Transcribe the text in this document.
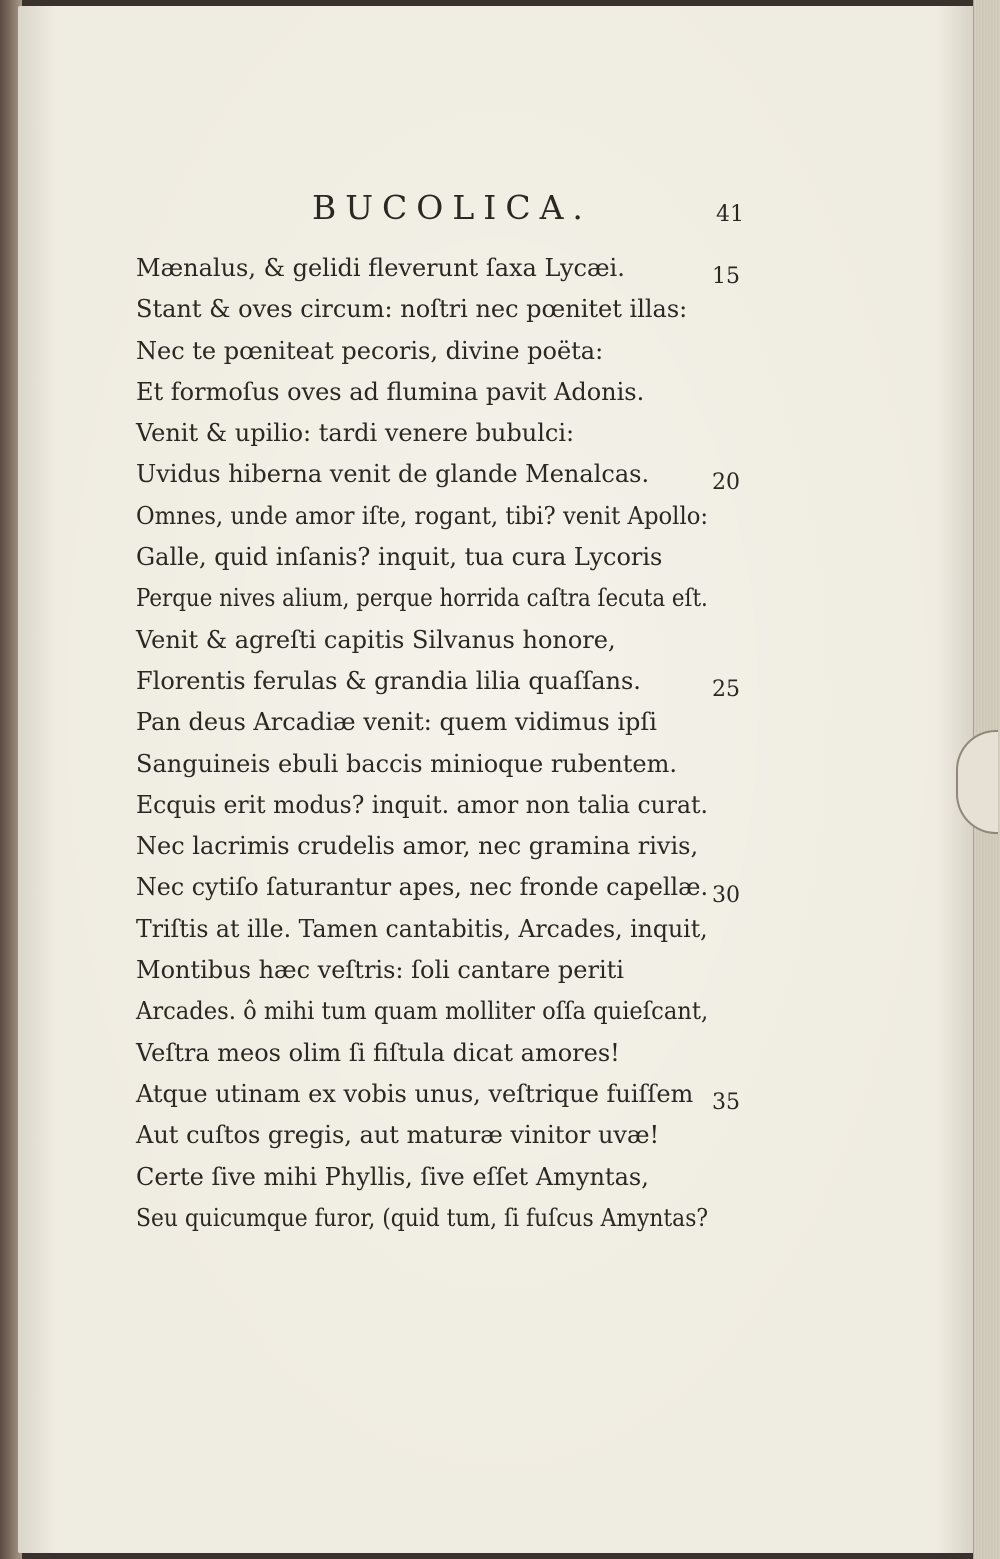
BUCOLICA.	41
Mænalus, & gelidi fleverunt ſaxa Lycæi.	15
Stant & oves circum: noſtri nec pœnitet illas:
Nec te pœniteat pecoris, divine poëta:
Et formoſus oves ad flumina pavit Adonis.
Venit & upilio: tardi venere bubulci:
Uvidus hiberna venit de glande Menalcas.	20
Omnes, unde amor iſte, rogant, tibi? venit Apollo:
Galle, quid inſanis? inquit, tua cura Lycoris
Perque nives alium, perque horrida caſtra ſecuta eſt.
Venit & agreſti capitis Silvanus honore,
Florentis ferulas & grandia lilia quaſſans.	25
Pan deus Arcadiæ venit: quem vidimus ipſi
Sanguineis ebuli baccis minioque rubentem.
Ecquis erit modus? inquit. amor non talia curat.
Nec lacrimis crudelis amor, nec gramina rivis,
Nec cytiſo ſaturantur apes, nec fronde capellæ. 30
Triſtis at ille. Tamen cantabitis, Arcades, inquit,
Montibus hæc veſtris: ſoli cantare periti
Arcades. ô mihi tum quam molliter oſſa quieſcant,
Veſtra meos olim ſi fiſtula dicat amores!
Atque utinam ex vobis unus, veſtrique fuiſſem 35
Aut cuſtos gregis, aut maturæ vinitor uvæ!
Certe ſive mihi Phyllis, ſive eſſet Amyntas,
Seu quicumque furor, (quid tum, ſi fuſcus Amyntas?
